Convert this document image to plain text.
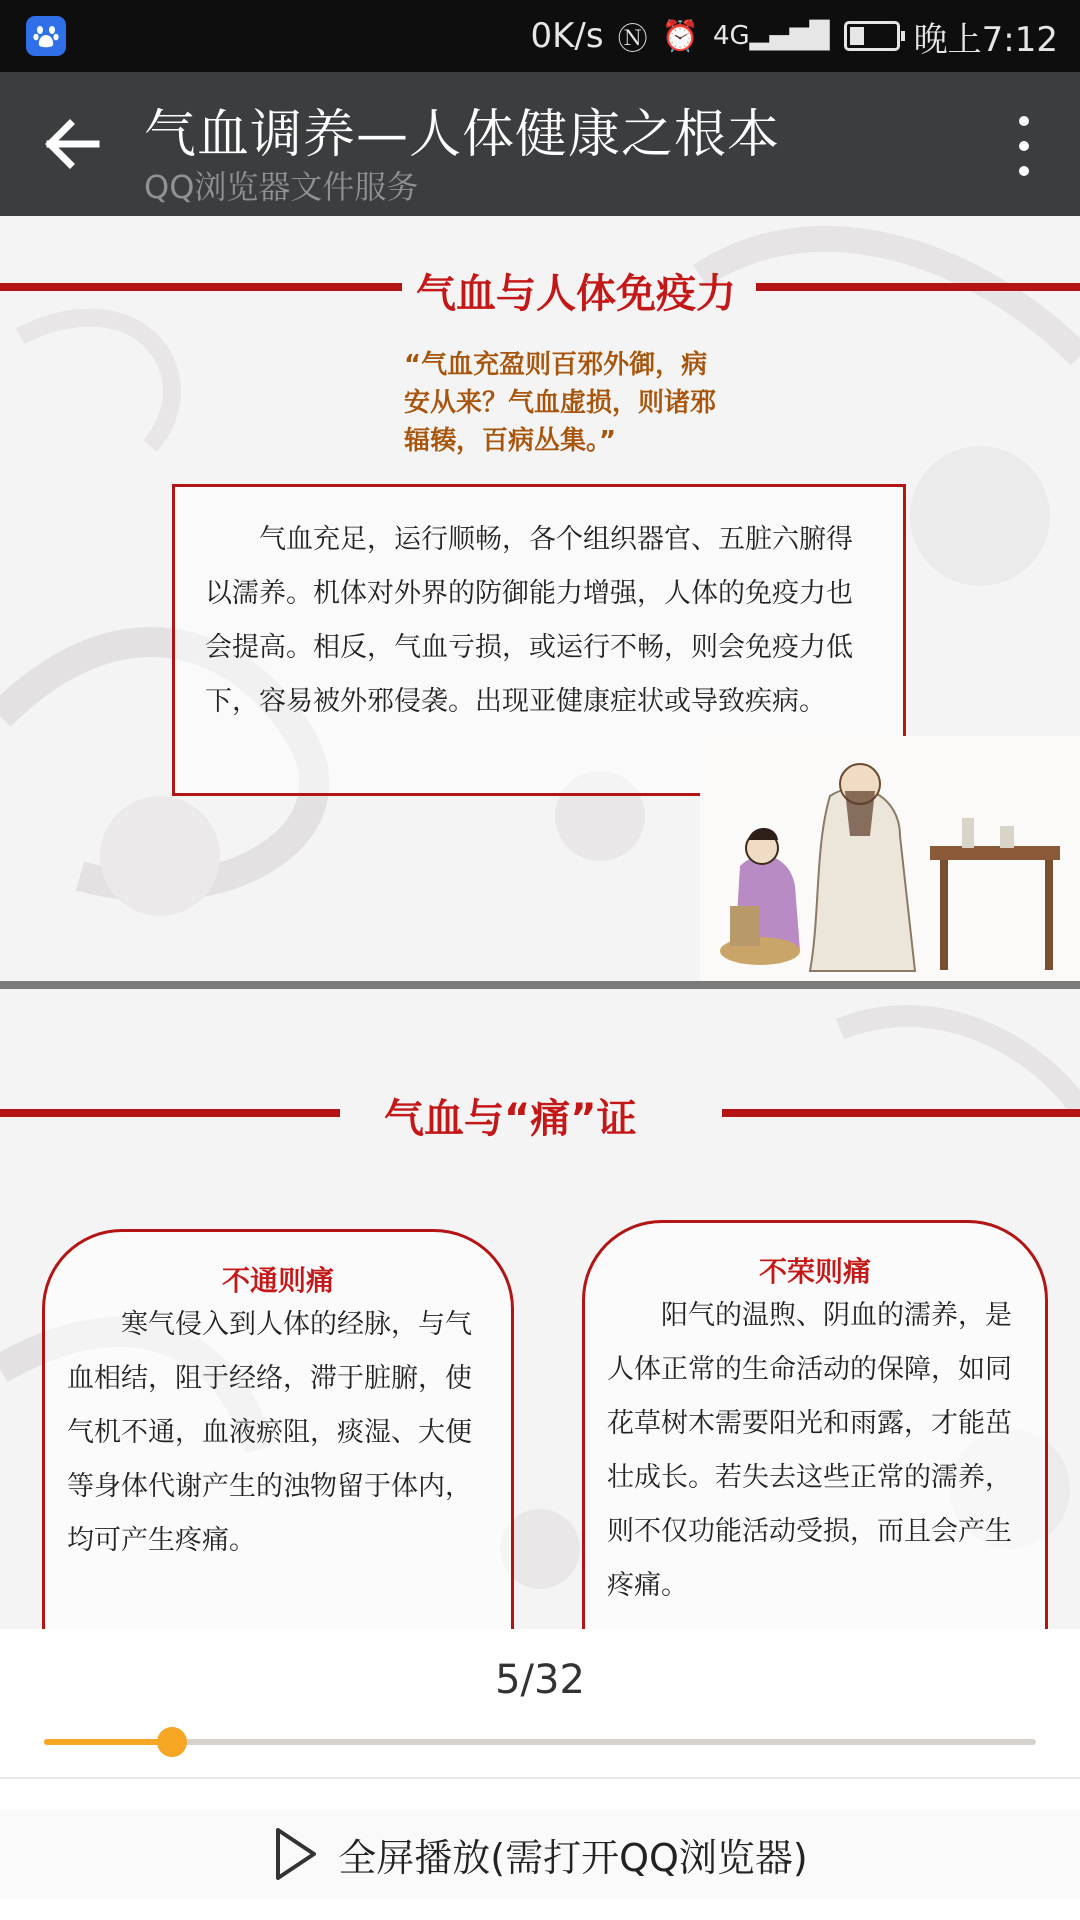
0K/s Ⓝ ⏰ 4G▂▄▆█ 晚上7:12
气血调养—人体健康之根本
QQ浏览器文件服务
气血与人体免疫力
“气血充盈则百邪外御，病安从来？气血虚损，则诸邪辐辏，百病丛集。”

气血充足，运行顺畅，各个组织器官、五脏六腑得以濡养。机体对外界的防御能力增强，人体的免疫力也会提高。相反，气血亏损，或运行不畅，则会免疫力低下，容易被外邪侵袭。出现亚健康症状或导致疾病。

气血与“痛”证
不通则痛

寒气侵入到人体的经脉，与气血相结，阻于经络，滞于脏腑，使气机不通，血液瘀阻，痰湿、大便等身体代谢产生的浊物留于体内，均可产生疼痛。

不荣则痛

阳气的温煦、阴血的濡养，是人体正常的生命活动的保障，如同花草树木需要阳光和雨露，才能茁壮成长。若失去这些正常的濡养，则不仅功能活动受损，而且会产生疼痛。

5/32
全屏播放(需打开QQ浏览器)
